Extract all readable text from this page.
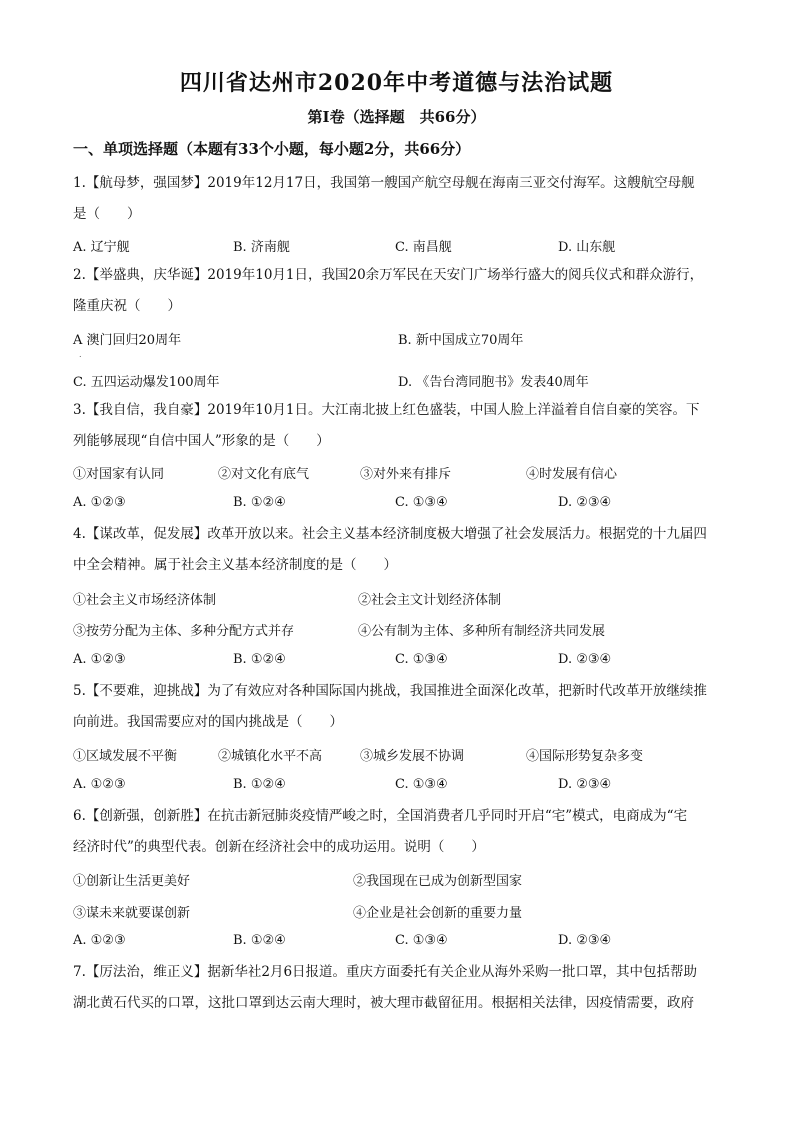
四川省达州市2020年中考道德与法治试题
第I卷（选择题　共66分）
一、单项选择题（本题有33个小题，每小题2分，共66分）
1.【航母梦，强国梦】2019年12月17日，我国第一艘国产航空母舰在海南三亚交付海军。这艘航空母舰
是（　　）
A. 辽宁舰	B. 济南舰	C. 南昌舰	D. 山东舰
2.【举盛典，庆华诞】2019年10月1日，我国20余万军民在天安门广场举行盛大的阅兵仪式和群众游行，
隆重庆祝（　　）
A 澳门回归20周年	B. 新中国成立70周年
.
C. 五四运动爆发100周年	D. 《告台湾同胞书》发表40周年
3.【我自信，我自豪】2019年10月1日。大江南北披上红色盛装，中国人脸上洋溢着自信自豪的笑容。下
列能够展现“自信中国人”形象的是（　　）
①对国家有认同	②对文化有底气	③对外来有排斥	④时发展有信心
A. ①②③	B. ①②④	C. ①③④	D. ②③④
4.【谋改革，促发展】改革开放以来。社会主义基本经济制度极大增强了社会发展活力。根据党的十九届四
中全会精神。属于社会主义基本经济制度的是（　　）
①社会主义市场经济体制	②社会主文计划经济体制
③按劳分配为主体、多种分配方式并存	④公有制为主体、多种所有制经济共同发展
A. ①②③	B. ①②④	C. ①③④	D. ②③④
5.【不要难，迎挑战】为了有效应对各种国际国内挑战，我国推进全面深化改革，把新时代改革开放继续推
向前进。我国需要应对的国内挑战是（　　）
①区域发展不平衡	②城镇化水平不高	③城乡发展不协调	④国际形势复杂多变
A. ①②③	B. ①②④	C. ①③④	D. ②③④
6.【创新强，创新胜】在抗击新冠肺炎疫情严峻之时，全国消费者几乎同时开启“宅”模式，电商成为“宅
经济时代”的典型代表。创新在经济社会中的成功运用。说明（　　）
①创新让生活更美好	②我国现在已成为创新型国家
③谋未来就要谋创新	④企业是社会创新的重要力量
A. ①②③	B. ①②④	C. ①③④	D. ②③④
7.【厉法治，维正义】据新华社2月6日报道。重庆方面委托有关企业从海外采购一批口罩，其中包括帮助
湖北黄石代买的口罩，这批口罩到达云南大理时，被大理市截留征用。根据相关法律，因疫情需要，政府
